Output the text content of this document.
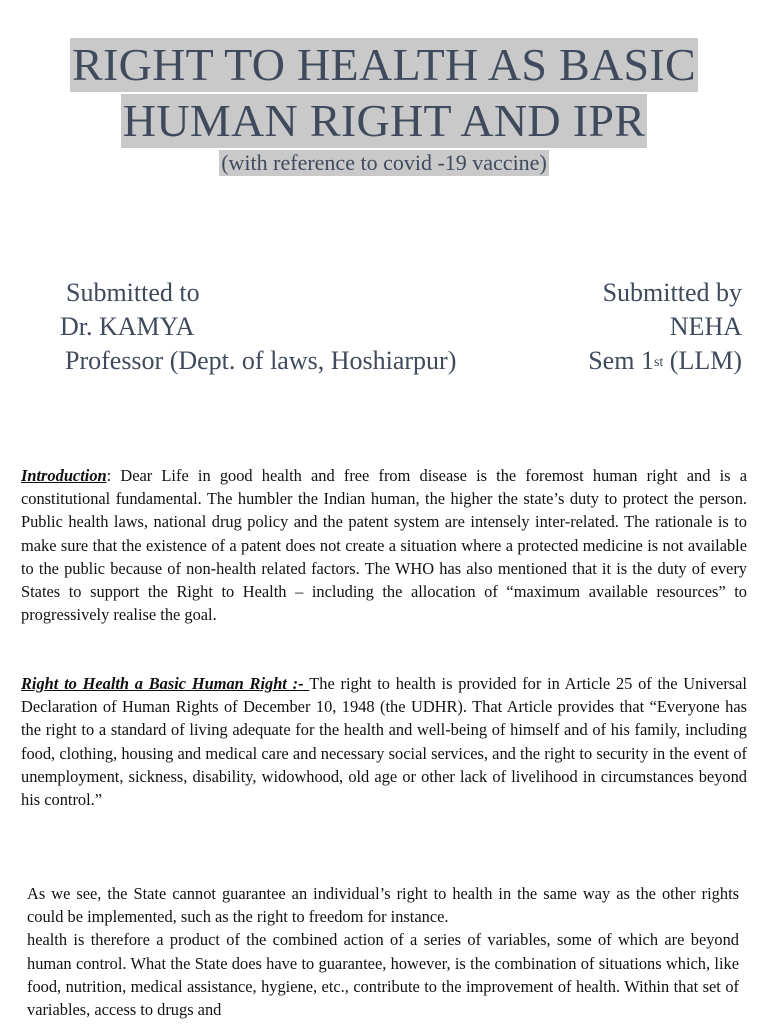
RIGHT TO HEALTH AS BASIC
HUMAN RIGHT AND IPR
(with reference to covid -19 vaccine)
Submitted to
Dr. KAMYA
Professor (Dept. of laws, Hoshiarpur)
Submitted by
NEHA
Sem 1st (LLM)
Introduction: Dear Life in good health and free from disease is the foremost human right and is a constitutional fundamental. The humbler the Indian human, the higher the state’s duty to protect the person. Public health laws, national drug policy and the patent system are intensely inter-related. The rationale is to make sure that the existence of a patent does not create a situation where a protected medicine is not available to the public because of non-health related factors. The WHO has also mentioned that it is the duty of every States to support the Right to Health – including the allocation of “maximum available resources” to progressively realise the goal.
Right to Health a Basic Human Right :- The right to health is provided for in Article 25 of the Universal Declaration of Human Rights of December 10, 1948 (the UDHR). That Article provides that “Everyone has the right to a standard of living adequate for the health and well-being of himself and of his family, including food, clothing, housing and medical care and necessary social services, and the right to security in the event of unemployment, sickness, disability, widowhood, old age or other lack of livelihood in circumstances beyond his control.”
As we see, the State cannot guarantee an individual’s right to health in the same way as the other rights could be implemented, such as the right to freedom for instance.
health is therefore a product of the combined action of a series of variables, some of which are beyond human control. What the State does have to guarantee, however, is the combination of situations which, like food, nutrition, medical assistance, hygiene, etc., contribute to the improvement of health. Within that set of variables, access to drugs and
